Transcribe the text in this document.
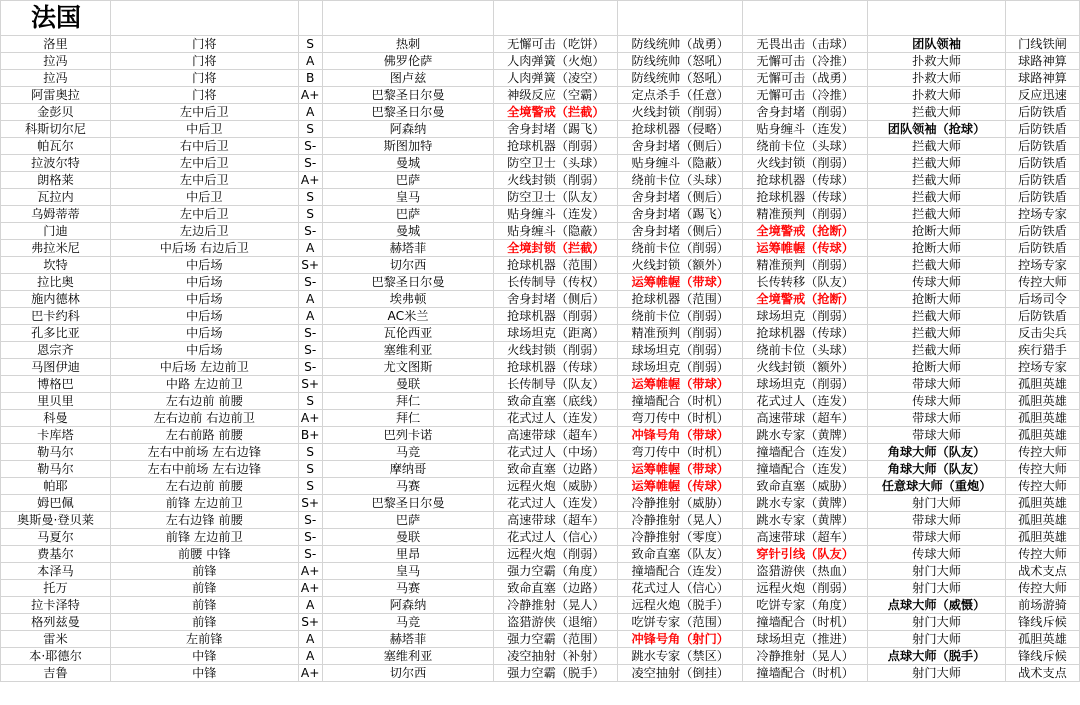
法国								
洛里	门将	S	热刺	无懈可击（吃饼）	防线统帅（战勇）	无畏出击（击球）	团队领袖	门线铁闸
拉冯	门将	A	佛罗伦萨	人肉弹簧（火炮）	防线统帅（怒吼）	无懈可击（冷推）	扑救大师	球路神算
拉冯	门将	B	图卢兹	人肉弹簧（凌空）	防线统帅（怒吼）	无懈可击（战勇）	扑救大师	球路神算
阿雷奥拉	门将	A+	巴黎圣日尔曼	神级反应（空霸）	定点杀手（任意）	无懈可击（冷推）	扑救大师	反应迅速
金彭贝	左中后卫	A	巴黎圣日尔曼	全境警戒（拦截）	火线封锁（削弱）	舍身封堵（削弱）	拦截大师	后防铁盾
科斯切尔尼	中后卫	S	阿森纳	舍身封堵（踢飞）	抢球机器（侵略）	贴身缠斗（连发）	团队领袖（抢球）	后防铁盾
帕瓦尔	右中后卫	S-	斯图加特	抢球机器（削弱）	舍身封堵（侧后）	绕前卡位（头球）	拦截大师	后防铁盾
拉波尔特	左中后卫	S-	曼城	防空卫士（头球）	贴身缠斗（隐蔽）	火线封锁（削弱）	拦截大师	后防铁盾
朗格莱	左中后卫	A+	巴萨	火线封锁（削弱）	绕前卡位（头球）	抢球机器（传球）	拦截大师	后防铁盾
瓦拉内	中后卫	S	皇马	防空卫士（队友）	舍身封堵（侧后）	抢球机器（传球）	拦截大师	后防铁盾
乌姆蒂蒂	左中后卫	S	巴萨	贴身缠斗（连发）	舍身封堵（踢飞）	精准预判（削弱）	拦截大师	控场专家
门迪	左边后卫	S-	曼城	贴身缠斗（隐蔽）	舍身封堵（侧后）	全境警戒（抢断）	抢断大师	后防铁盾
弗拉米尼	中后场 右边后卫	A	赫塔菲	全境封锁（拦截）	绕前卡位（削弱）	运筹帷幄（传球）	抢断大师	后防铁盾
坎特	中后场	S+	切尔西	抢球机器（范围）	火线封锁（额外）	精准预判（削弱）	拦截大师	控场专家
拉比奥	中后场	S-	巴黎圣日尔曼	长传制导（传权）	运筹帷幄（带球）	长传转移（队友）	传球大师	传控大师
施内德林	中后场	A	埃弗顿	舍身封堵（侧后）	抢球机器（范围）	全境警戒（抢断）	抢断大师	后场司令
巴卡约科	中后场	A	AC米兰	抢球机器（削弱）	绕前卡位（削弱）	球场坦克（削弱）	拦截大师	后防铁盾
孔多比亚	中后场	S-	瓦伦西亚	球场坦克（距离）	精准预判（削弱）	抢球机器（传球）	拦截大师	反击尖兵
恩宗齐	中后场	S-	塞维利亚	火线封锁（削弱）	球场坦克（削弱）	绕前卡位（头球）	拦截大师	疾行猎手
马图伊迪	中后场 左边前卫	S-	尤文图斯	抢球机器（传球）	球场坦克（削弱）	火线封锁（额外）	抢断大师	控场专家
博格巴	中路 左边前卫	S+	曼联	长传制导（队友）	运筹帷幄（带球）	球场坦克（削弱）	带球大师	孤胆英雄
里贝里	左右边前 前腰	S	拜仁	致命直塞（底线）	撞墙配合（时机）	花式过人（连发）	传球大师	孤胆英雄
科曼	左右边前 右边前卫	A+	拜仁	花式过人（连发）	弯刀传中（时机）	高速带球（超车）	带球大师	孤胆英雄
卡库塔	左右前路 前腰	B+	巴列卡诺	高速带球（超车）	冲锋号角（带球）	跳水专家（黄牌）	带球大师	孤胆英雄
勒马尔	左右中前场 左右边锋	S	马竞	花式过人（中场）	弯刀传中（时机）	撞墙配合（连发）	角球大师（队友）	传控大师
勒马尔	左右中前场 左右边锋	S	摩纳哥	致命直塞（边路）	运筹帷幄（带球）	撞墙配合（连发）	角球大师（队友）	传控大师
帕耶	左右边前 前腰	S	马赛	远程火炮（威胁）	运筹帷幄（传球）	致命直塞（威胁）	任意球大师（重炮）	传控大师
姆巴佩	前锋 左边前卫	S+	巴黎圣日尔曼	花式过人（连发）	冷静推射（威胁）	跳水专家（黄牌）	射门大师	孤胆英雄
奥斯曼·登贝莱	左右边锋 前腰	S-	巴萨	高速带球（超车）	冷静推射（晃人）	跳水专家（黄牌）	带球大师	孤胆英雄
马夏尔	前锋 左边前卫	S-	曼联	花式过人（信心）	冷静推射（零度）	高速带球（超车）	带球大师	孤胆英雄
费基尔	前腰 中锋	S-	里昂	远程火炮（削弱）	致命直塞（队友）	穿针引线（队友）	传球大师	传控大师
本泽马	前锋	A+	皇马	强力空霸（角度）	撞墙配合（连发）	盗猎游侠（热血）	射门大师	战术支点
托万	前锋	A+	马赛	致命直塞（边路）	花式过人（信心）	远程火炮（削弱）	射门大师	传控大师
拉卡泽特	前锋	A	阿森纳	冷静推射（晃人）	远程火炮（脱手）	吃饼专家（角度）	点球大师（威慑）	前场游骑
格列兹曼	前锋	S+	马竞	盗猎游侠（退缩）	吃饼专家（范围）	撞墙配合（时机）	射门大师	锋线斥候
雷米	左前锋	A	赫塔菲	强力空霸（范围）	冲锋号角（射门）	球场坦克（推进）	射门大师	孤胆英雄
本·耶德尔	中锋	A	塞维利亚	凌空抽射（补射）	跳水专家（禁区）	冷静推射（晃人）	点球大师（脱手）	锋线斥候
吉鲁	中锋	A+	切尔西	强力空霸（脱手）	凌空抽射（倒挂）	撞墙配合（时机）	射门大师	战术支点
